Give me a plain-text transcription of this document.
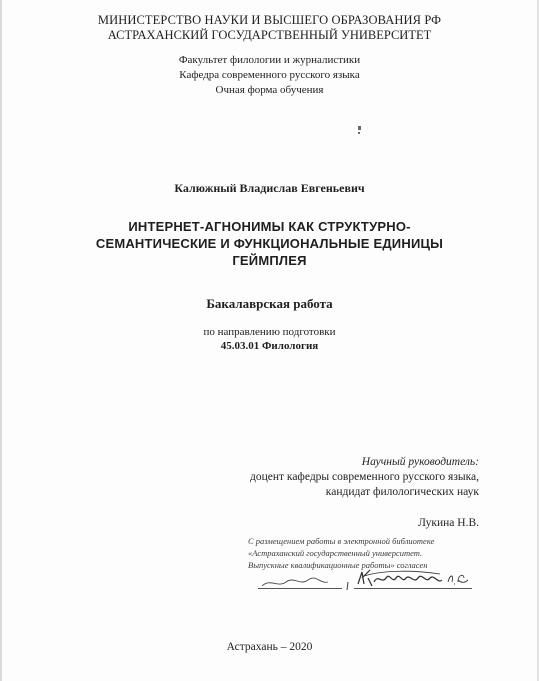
МИНИСТЕРСТВО НАУКИ И ВЫСШЕГО ОБРАЗОВАНИЯ РФ
АСТРАХАНСКИЙ ГОСУДАРСТВЕННЫЙ УНИВЕРСИТЕТ
Факультет филологии и журналистики
Кафедра современного русского языка
Очная форма обучения
Калюжный Владислав Евгеньевич
ИНТЕРНЕТ-АГНОНИМЫ КАК СТРУКТУРНО-
СЕМАНТИЧЕСКИЕ И ФУНКЦИОНАЛЬНЫЕ ЕДИНИЦЫ
ГЕЙМПЛЕЯ
Бакалаврская работа
по направлению подготовки
45.03.01 Филология
Научный руководитель:
доцент кафедры современного русского языка,
кандидат филологических наук
Лукина Н.В.
С размещением работы в электронной библиотеке
«Астраханский государственный университет.
Выпускные квалификационные работы» согласен
Астрахань – 2020
